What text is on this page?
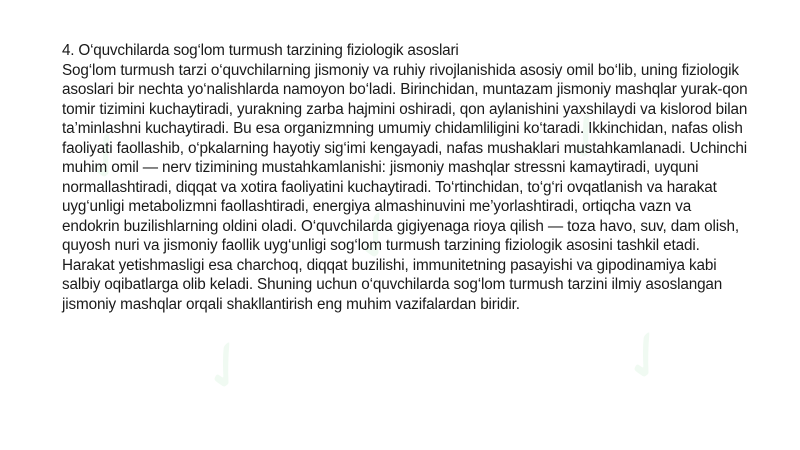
✓
✓
✓
✓
✓

4. O‘quvchilarda sog‘lom turmush tarzining fiziologik asoslari

Sog‘lom turmush tarzi o‘quvchilarning jismoniy va ruhiy rivojlanishida asosiy omil bo‘lib, uning fiziologik asoslari bir nechta yo‘nalishlarda namoyon bo‘ladi. Birinchidan, muntazam jismoniy mashqlar yurak-qon tomir tizimini kuchaytiradi, yurakning zarba hajmini oshiradi, qon aylanishini yaxshilaydi va kislorod bilan ta’minlashni kuchaytiradi. Bu esa organizmning umumiy chidamliligini ko‘taradi. Ikkinchidan, nafas olish faoliyati faollashib, o‘pkalarning hayotiy sig‘imi kengayadi, nafas mushaklari mustahkamlanadi. Uchinchi muhim omil — nerv tizimining mustahkamlanishi: jismoniy mashqlar stressni kamaytiradi, uyquni normallashtiradi, diqqat va xotira faoliyatini kuchaytiradi. To‘rtinchidan, to‘g‘ri ovqatlanish va harakat uyg‘unligi metabolizmni faollashtiradi, energiya almashinuvini me’yorlashtiradi, ortiqcha vazn va endokrin buzilishlarning oldini oladi. O‘quvchilarda gigiyenaga rioya qilish — toza havo, suv, dam olish, quyosh nuri va jismoniy faollik uyg‘unligi sog‘lom turmush tarzining fiziologik asosini tashkil etadi. Harakat yetishmasligi esa charchoq, diqqat buzilishi, immunitetning pasayishi va gipodinamiya kabi salbiy oqibatlarga olib keladi. Shuning uchun o‘quvchilarda sog‘lom turmush tarzini ilmiy asoslangan jismoniy mashqlar orqali shakllantirish eng muhim vazifalardan biridir.
